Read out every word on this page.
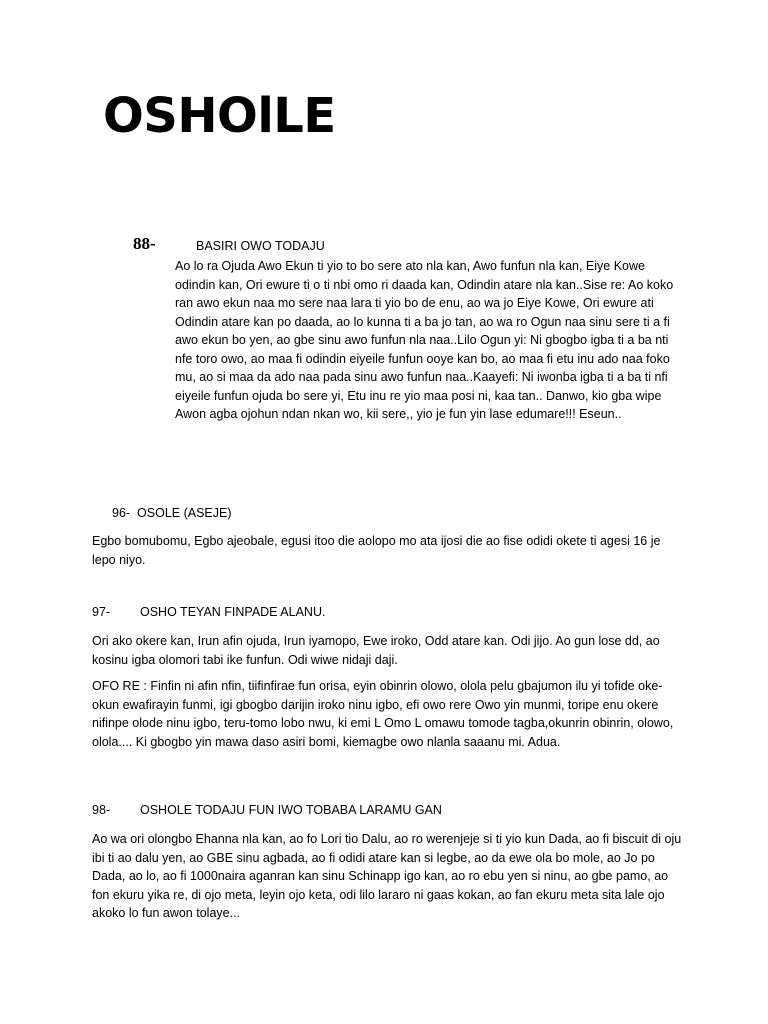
OSHOlLE
88-	BASIRI OWO TODAJU

Ao lo ra Ojuda Awo Ekun ti yio to bo sere ato nla kan, Awo funfun nla kan, Eiye Kowe odindin kan, Ori ewure ti o ti nbi omo ri daada kan, Odindin atare nla kan..Sise re: Ao koko ran awo ekun naa mo sere naa lara ti yio bo de enu, ao wa jo Eiye Kowe, Ori ewure ati Odindin atare kan po daada, ao lo kunna ti a ba jo tan, ao wa ro Ogun naa sinu sere ti a fi awo ekun bo yen, ao gbe sinu awo funfun nla naa..Lilo Ogun yi: Ni gbogbo igba ti a ba nti nfe toro owo, ao maa fi odindin eiyeile funfun ooye kan bo, ao maa fi etu inu ado naa foko mu, ao si maa da ado naa pada sinu awo funfun naa..Kaayefi: Ni iwonba igba ti a ba ti nfi eiyeile funfun ojuda bo sere yi, Etu inu re yio maa posi ni, kaa tan.. Danwo, kio gba wipe Awon agba ojohun ndan nkan wo, kii sere,, yio je fun yin lase edumare!!! Eseun..

96- OSOLE (ASEJE)

Egbo bomubomu, Egbo ajeobale, egusi itoo die aolopo mo ata ijosi die ao fise odidi okete ti agesi 16 je lepo niyo.

97- OSHO TEYAN FINPADE ALANU.

Ori ako okere kan, Irun afin ojuda, Irun iyamopo, Ewe iroko, Odd atare kan. Odi jijo. Ao gun lose dd, ao kosinu igba olomori tabi ike funfun. Odi wiwe nidaji daji.

OFO RE : Finfin ni afin nfin, tiifinfirae fun orisa, eyin obinrin olowo, olola pelu gbajumon ilu yi tofide oke-okun ewafirayin funmi, igi gbogbo darijin iroko ninu igbo, efi owo rere Owo yin munmi, toripe enu okere nifinpe olode ninu igbo, teru-tomo lobo nwu, ki emi L Omo L omawu tomode tagba,okunrin obinrin, olowo, olola.... Ki gbogbo yin mawa daso asiri bomi, kiemagbe owo nlanla saaanu mi. Adua.

98- OSHOLE TODAJU FUN IWO TOBABA LARAMU GAN

Ao wa ori olongbo Ehanna nla kan, ao fo Lori tio Dalu, ao ro werenjeje si ti yio kun Dada, ao fi biscuit di oju ibi ti ao dalu yen, ao GBE sinu agbada, ao fi odidi atare kan si legbe, ao da ewe ola bo mole, ao Jo po Dada, ao lo, ao fi 1000naira aganran kan sinu Schinapp igo kan, ao ro ebu yen si ninu, ao gbe pamo, ao fon ekuru yika re, di ojo meta, leyin ojo keta, odi lilo lararo ni gaas kokan, ao fan ekuru meta sita lale ojo akoko lo fun awon tolaye...
